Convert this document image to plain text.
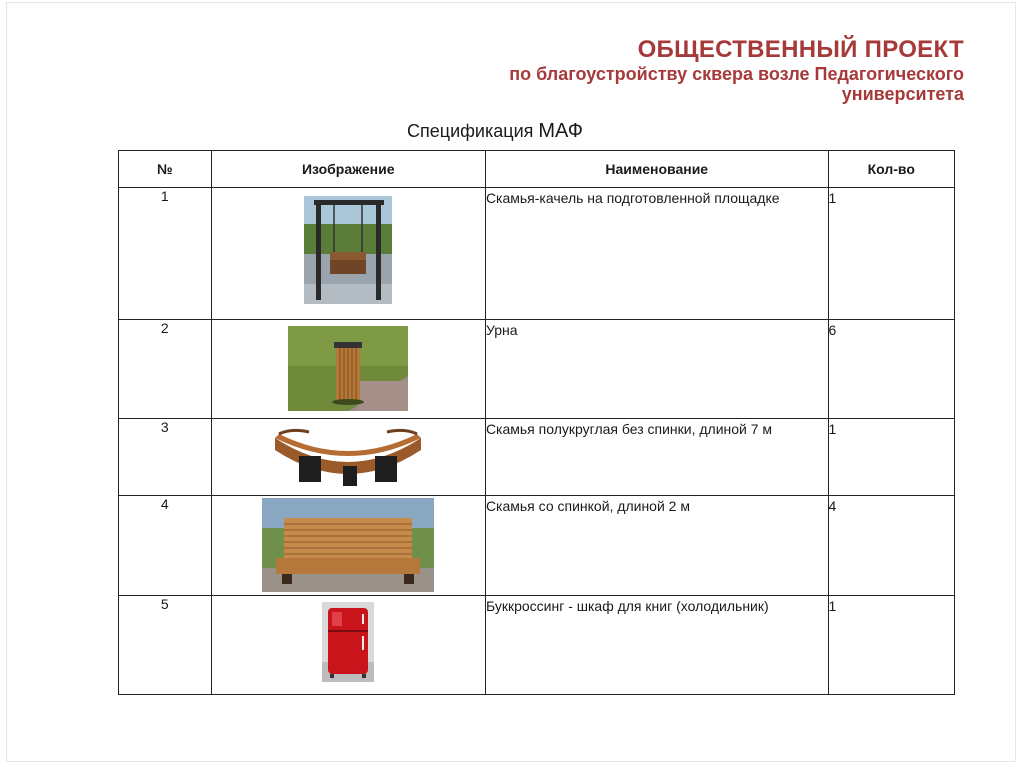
ОБЩЕСТВЕННЫЙ ПРОЕКТ
по благоустройству сквера возле Педагогического
университета
Спецификация МАФ
№	Изображение	Наименование	Кол-во
1		Скамья-качель на подготовленной площадке	1
2		Урна	6
3		Скамья полукруглая без спинки, длиной 7 м	1
4		Скамья со спинкой, длиной 2 м	4
5		Буккроссинг - шкаф для книг (холодильник)	1
